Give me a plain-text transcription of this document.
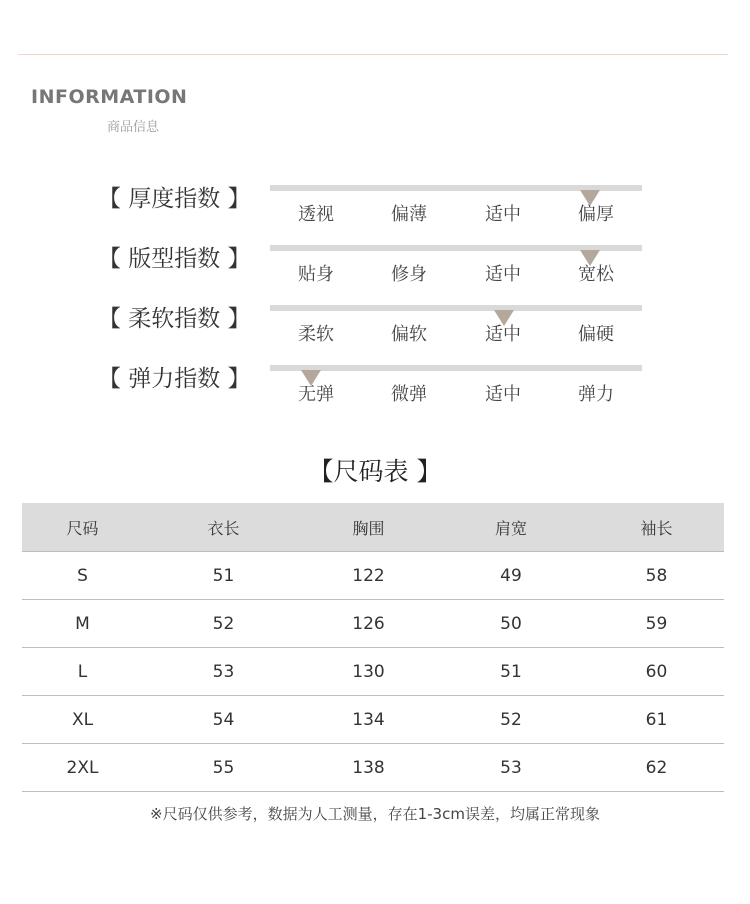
INFORMATION
商品信息
【 厚度指数 】
透视	偏薄	适中	偏厚
【 版型指数 】
贴身	修身	适中	宽松
【 柔软指数 】
柔软	偏软	适中	偏硬
【 弹力指数 】
无弹	微弹	适中	弹力
【尺码表 】
尺码	衣长	胸围	肩宽	袖长
S	51	122	49	58
M	52	126	50	59
L	53	130	51	60
XL	54	134	52	61
2XL	55	138	53	62
※尺码仅供参考，数据为人工测量，存在1-3cm误差，均属正常现象
